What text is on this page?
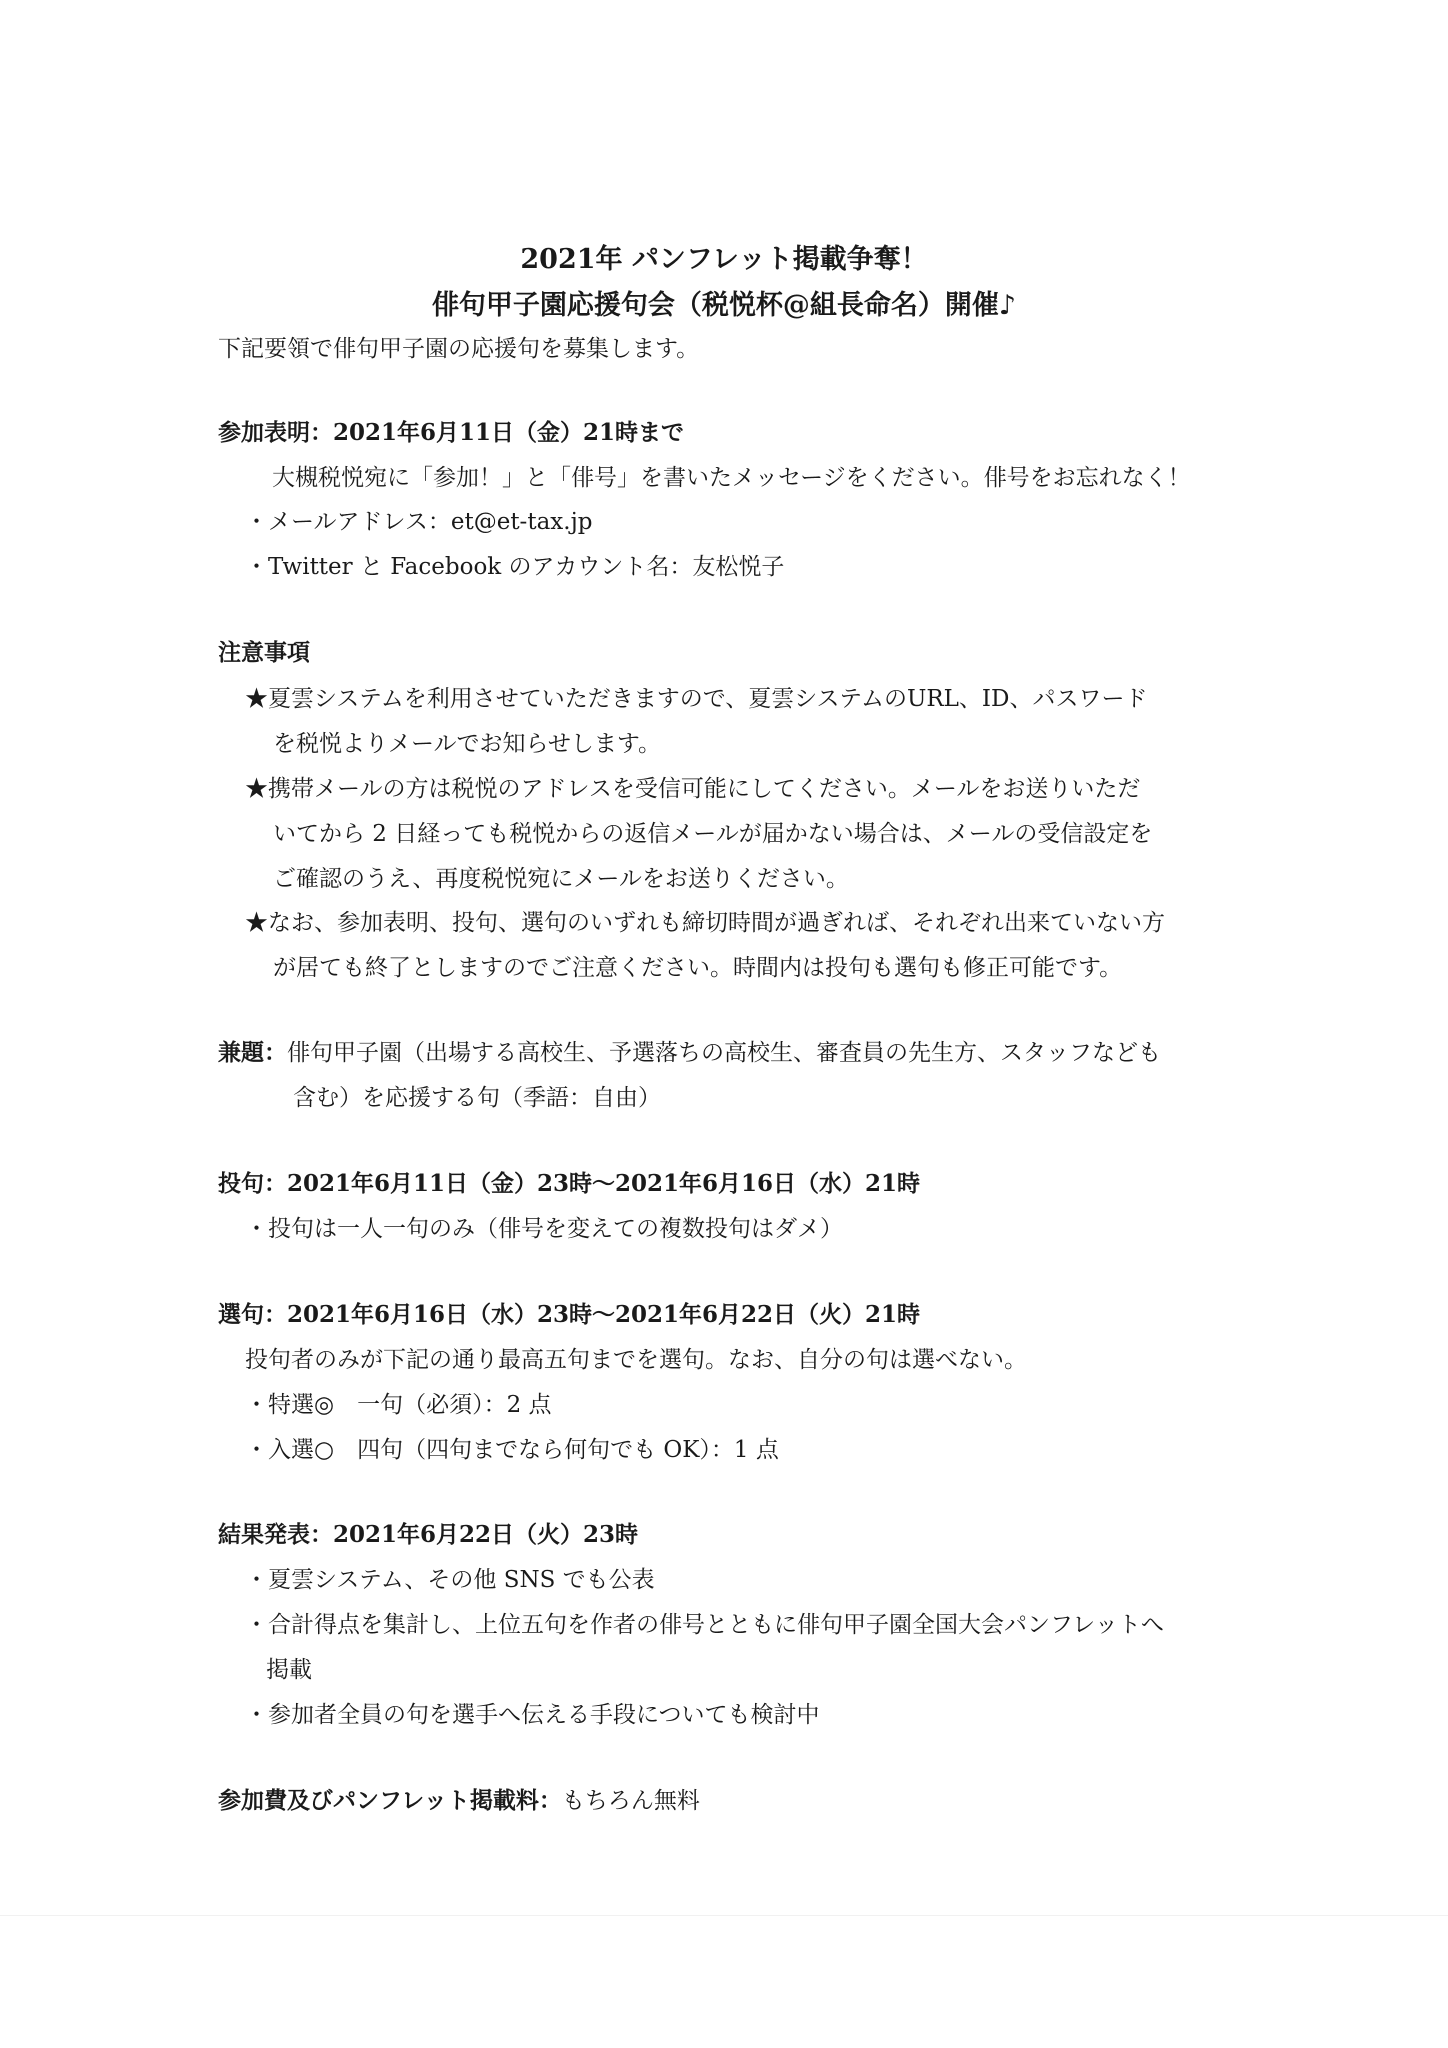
2021年 パンフレット掲載争奪！
俳句甲子園応援句会（税悦杯@組長命名）開催♪
下記要領で俳句甲子園の応援句を募集します。
参加表明：2021年6月11日（金）21時まで
大槻税悦宛に「参加！」と「俳号」を書いたメッセージをください。俳号をお忘れなく！
・メールアドレス：et@et-tax.jp
・Twitter と Facebook のアカウント名：友松悦子
注意事項
★夏雲システムを利用させていただきますので、夏雲システムのURL、ID、パスワード
を税悦よりメールでお知らせします。
★携帯メールの方は税悦のアドレスを受信可能にしてください。メールをお送りいただ
いてから 2 日経っても税悦からの返信メールが届かない場合は、メールの受信設定を
ご確認のうえ、再度税悦宛にメールをお送りください。
★なお、参加表明、投句、選句のいずれも締切時間が過ぎれば、それぞれ出来ていない方
が居ても終了としますのでご注意ください。時間内は投句も選句も修正可能です。
兼題：俳句甲子園（出場する高校生、予選落ちの高校生、審査員の先生方、スタッフなども
含む）を応援する句（季語：自由）
投句：2021年6月11日（金）23時〜2021年6月16日（水）21時
・投句は一人一句のみ（俳号を変えての複数投句はダメ）
選句：2021年6月16日（水）23時〜2021年6月22日（火）21時
投句者のみが下記の通り最高五句までを選句。なお、自分の句は選べない。
・特選◎　一句（必須）：2 点
・入選○　四句（四句までなら何句でも OK）：1 点
結果発表：2021年6月22日（火）23時
・夏雲システム、その他 SNS でも公表
・合計得点を集計し、上位五句を作者の俳号とともに俳句甲子園全国大会パンフレットへ
掲載
・参加者全員の句を選手へ伝える手段についても検討中
参加費及びパンフレット掲載料：もちろん無料
